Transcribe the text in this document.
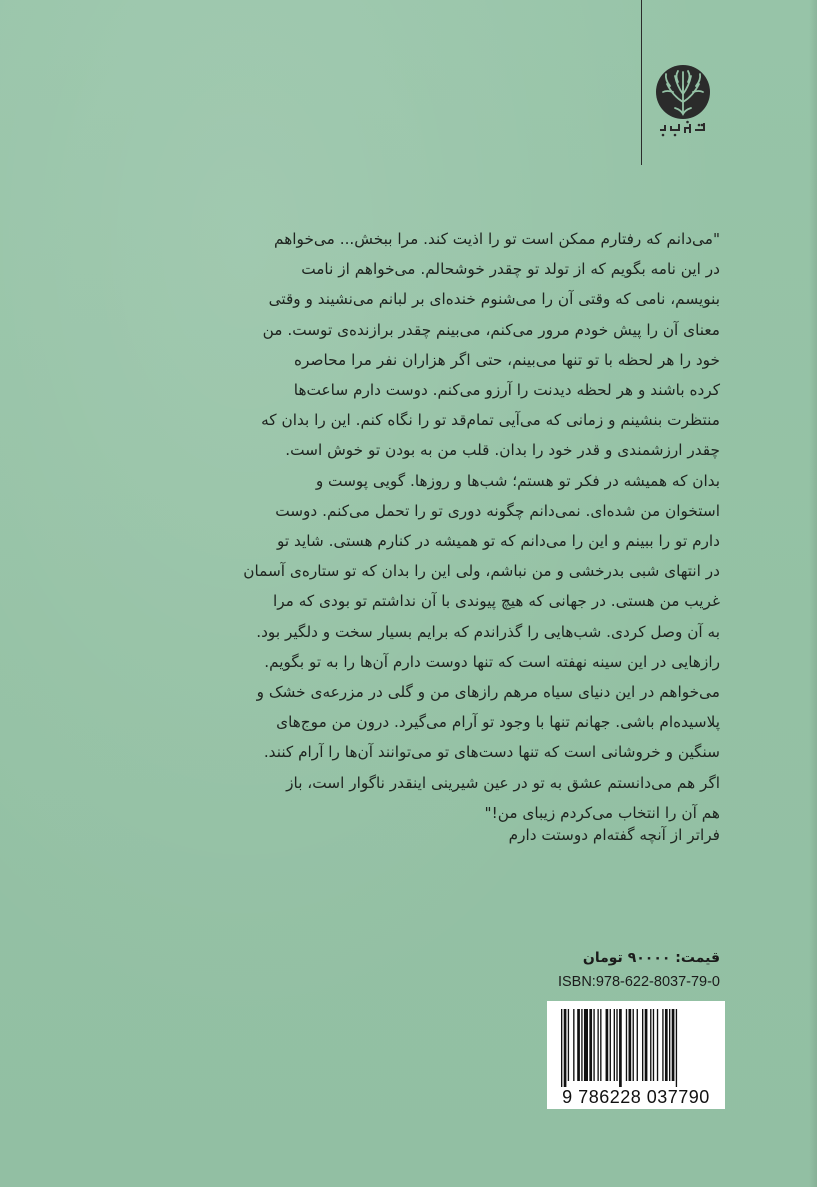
"می‌دانم که رفتارم ممکن است تو را اذیت کند. مرا ببخش... می‌خواهم

در این نامه بگویم که از تولد تو چقدر خوشحالم. می‌خواهم از نامت

بنویسم، نامی که وقتی آن را می‌شنوم خنده‌ای بر لبانم می‌نشیند و وقتی

معنای آن را پیش خودم مرور می‌کنم، می‌بینم چقدر برازنده‌ی توست. من

خود را هر لحظه با تو تنها می‌بینم، حتی اگر هزاران نفر مرا محاصره

کرده باشند و هر لحظه دیدنت را آرزو می‌کنم. دوست دارم ساعت‌ها

منتظرت بنشینم و زمانی که می‌آیی تمام‌قد تو را نگاه کنم. این را بدان که

چقدر ارزشمندی و قدر خود را بدان. قلب من به بودن تو خوش است.

بدان که همیشه در فکر تو هستم؛ شب‌ها و روزها. گویی پوست و

استخوان من شده‌ای. نمی‌دانم چگونه دوری تو را تحمل می‌کنم. دوست

دارم تو را ببینم و این را می‌دانم که تو همیشه در کنارم هستی. شاید تو

در انتهای شبی بدرخشی و من نباشم، ولی این را بدان که تو ستاره‌ی آسمان

غریب من هستی. در جهانی که هیچ پیوندی با آن نداشتم تو بودی که مرا

به آن وصل کردی. شب‌هایی را گذراندم که برایم بسیار سخت و دلگیر بود.

رازهایی در این سینه نهفته است که تنها دوست دارم آن‌ها را به تو بگویم.

می‌خواهم در این دنیای سیاه مرهم رازهای من و گلی در مزرعه‌ی خشک و

پلاسیده‌ام باشی. جهانم تنها با وجود تو آرام می‌گیرد. درون من موج‌های

سنگین و خروشانی است که تنها دست‌های تو می‌توانند آن‌ها را آرام کنند.

اگر هم می‌دانستم عشق به تو در عین شیرینی اینقدر ناگوار است، باز

هم آن را انتخاب می‌کردم زیبای من!"

فراتر از آنچه گفته‌ام دوستت دارم
قیمت: ۹۰۰۰۰ تومان
ISBN:978-622-8037-79-0
9 786228 037790
